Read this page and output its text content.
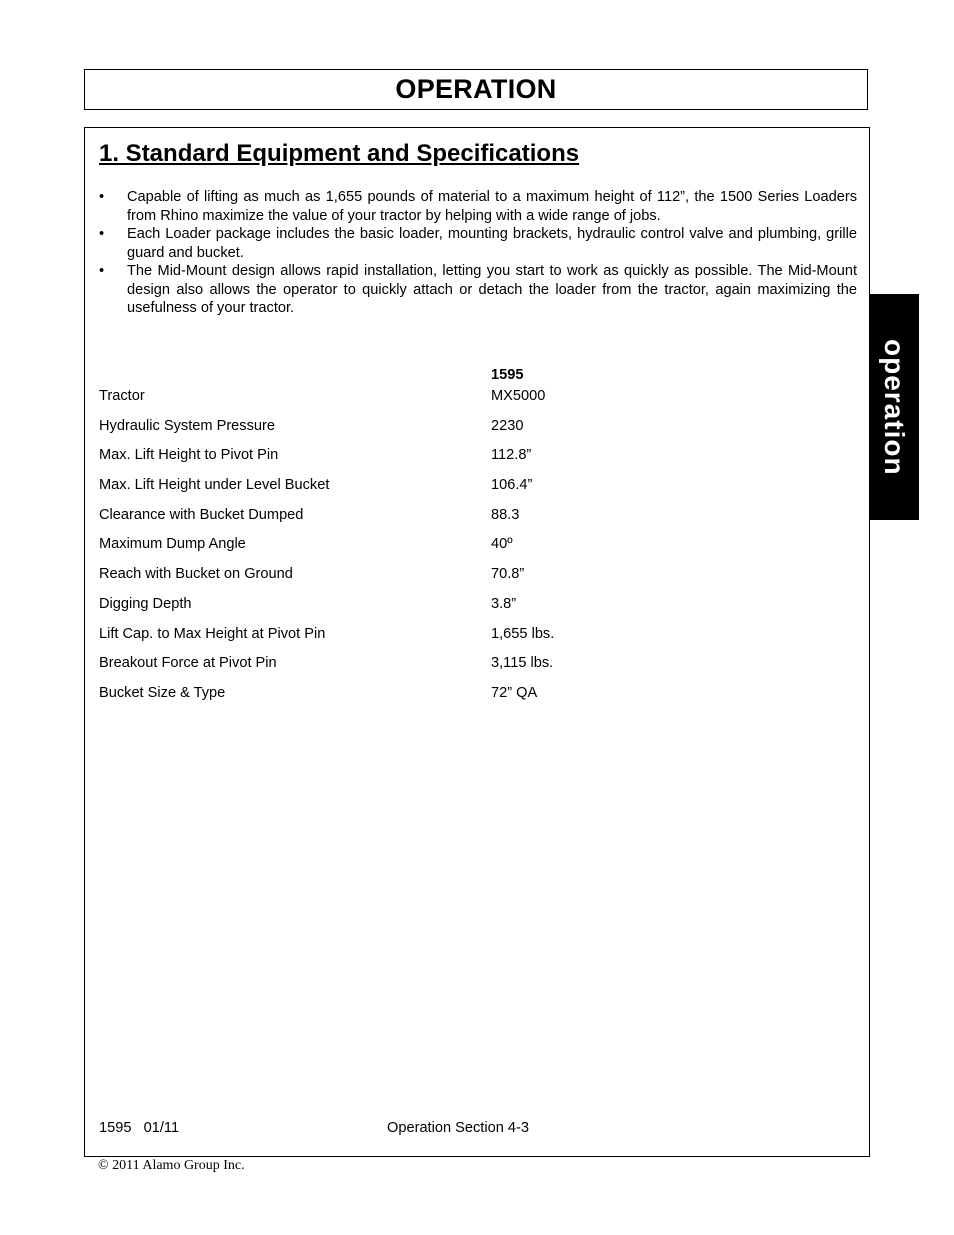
OPERATION
operation
1. Standard Equipment and Specifications
•	Capable of lifting as much as 1,655 pounds of material to a maximum height of 112”, the 1500 Series Loaders from Rhino maximize the value of your tractor by helping with a wide range of jobs.
•	Each Loader package includes the basic loader, mounting brackets, hydraulic control valve and plumbing, grille guard and bucket.
•	The Mid-Mount design allows rapid installation, letting you start to work as quickly as possible. The Mid-Mount design also allows the operator to quickly attach or detach the loader from the tractor, again maximizing the usefulness of your tractor.
1595
Tractor	MX5000
Hydraulic System Pressure	2230
Max. Lift Height to Pivot Pin	112.8”
Max. Lift Height under Level Bucket	106.4”
Clearance with Bucket Dumped	88.3
Maximum Dump Angle	40º
Reach with Bucket on Ground	70.8”
Digging Depth	3.8”
Lift Cap. to Max Height at Pivot Pin	1,655 lbs.
Breakout Force at Pivot Pin	3,115 lbs.
Bucket Size & Type	72” QA
1595   01/11	Operation Section 4-3
© 2011 Alamo Group Inc.
